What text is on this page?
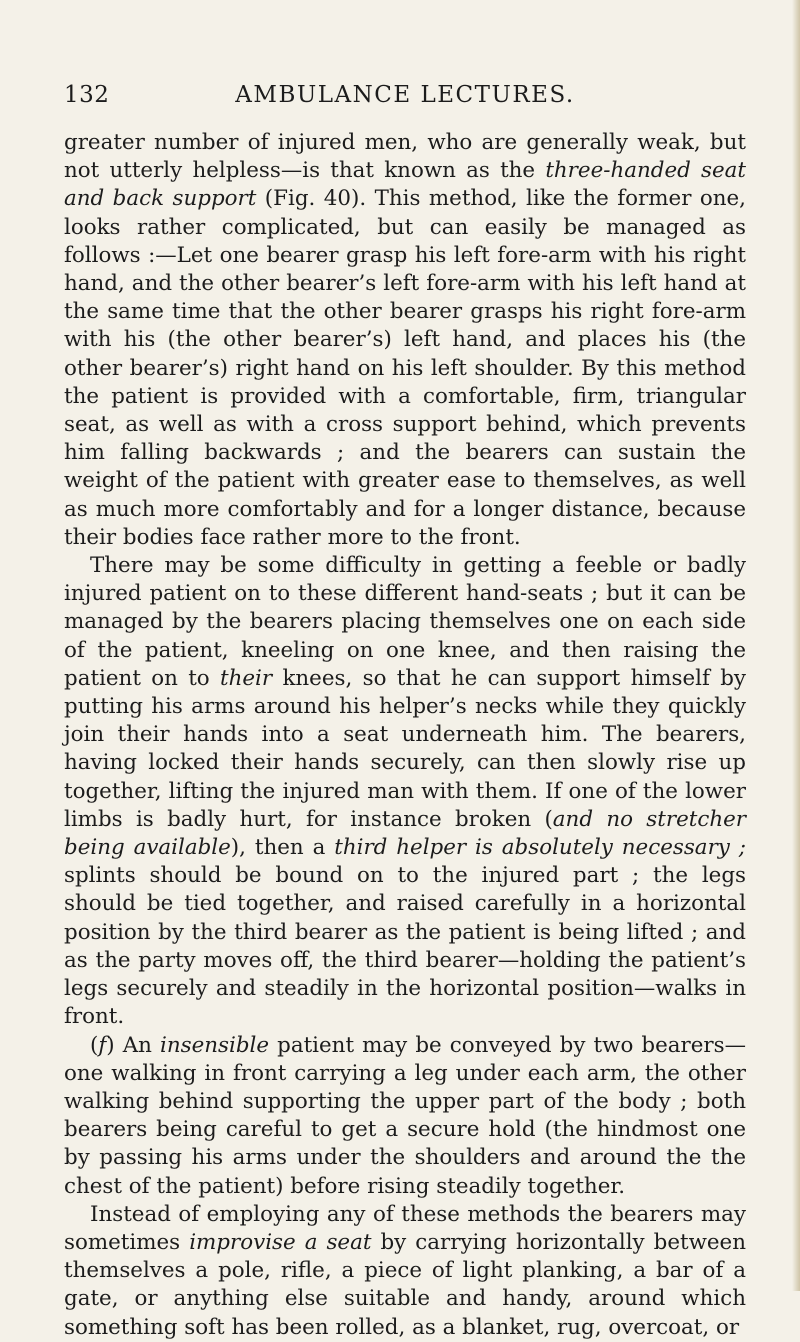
132	AMBULANCE LECTURES.

greater number of injured men, who are generally weak, but not utterly helpless—is that known as the three-handed seat and back support (Fig. 40). This method, like the former one, looks rather complicated, but can easily be managed as follows :—Let one bearer grasp his left fore-arm with his right hand, and the other bearer’s left fore-arm with his left hand at the same time that the other bearer grasps his right fore-arm with his (the other bearer’s) left hand, and places his (the other bearer’s) right hand on his left shoulder. By this method the patient is provided with a comfortable, firm, triangular seat, as well as with a cross support behind, which prevents him falling backwards ; and the bearers can sustain the weight of the patient with greater ease to themselves, as well as much more comfortably and for a longer distance, because their bodies face rather more to the front.

There may be some difficulty in getting a feeble or badly injured patient on to these different hand-seats ; but it can be managed by the bearers placing themselves one on each side of the patient, kneeling on one knee, and then raising the patient on to their knees, so that he can support himself by putting his arms around his helper’s necks while they quickly join their hands into a seat underneath him. The bearers, having locked their hands securely, can then slowly rise up together, lifting the injured man with them. If one of the lower limbs is badly hurt, for instance broken (and no stretcher being available), then a third helper is absolutely necessary ; splints should be bound on to the injured part ; the legs should be tied together, and raised carefully in a horizontal position by the third bearer as the patient is being lifted ; and as the party moves off, the third bearer—holding the patient’s legs securely and steadily in the horizontal position—walks in front.

(f) An insensible patient may be conveyed by two bearers— one walking in front carrying a leg under each arm, the other walking behind supporting the upper part of the body ; both bearers being careful to get a secure hold (the hindmost one by passing his arms under the shoulders and around the the chest of the patient) before rising steadily together.

Instead of employing any of these methods the bearers may sometimes improvise a seat by carrying horizontally between themselves a pole, rifle, a piece of light planking, a bar of a gate, or anything else suitable and handy, around which something soft has been rolled, as a blanket, rug, overcoat, or
